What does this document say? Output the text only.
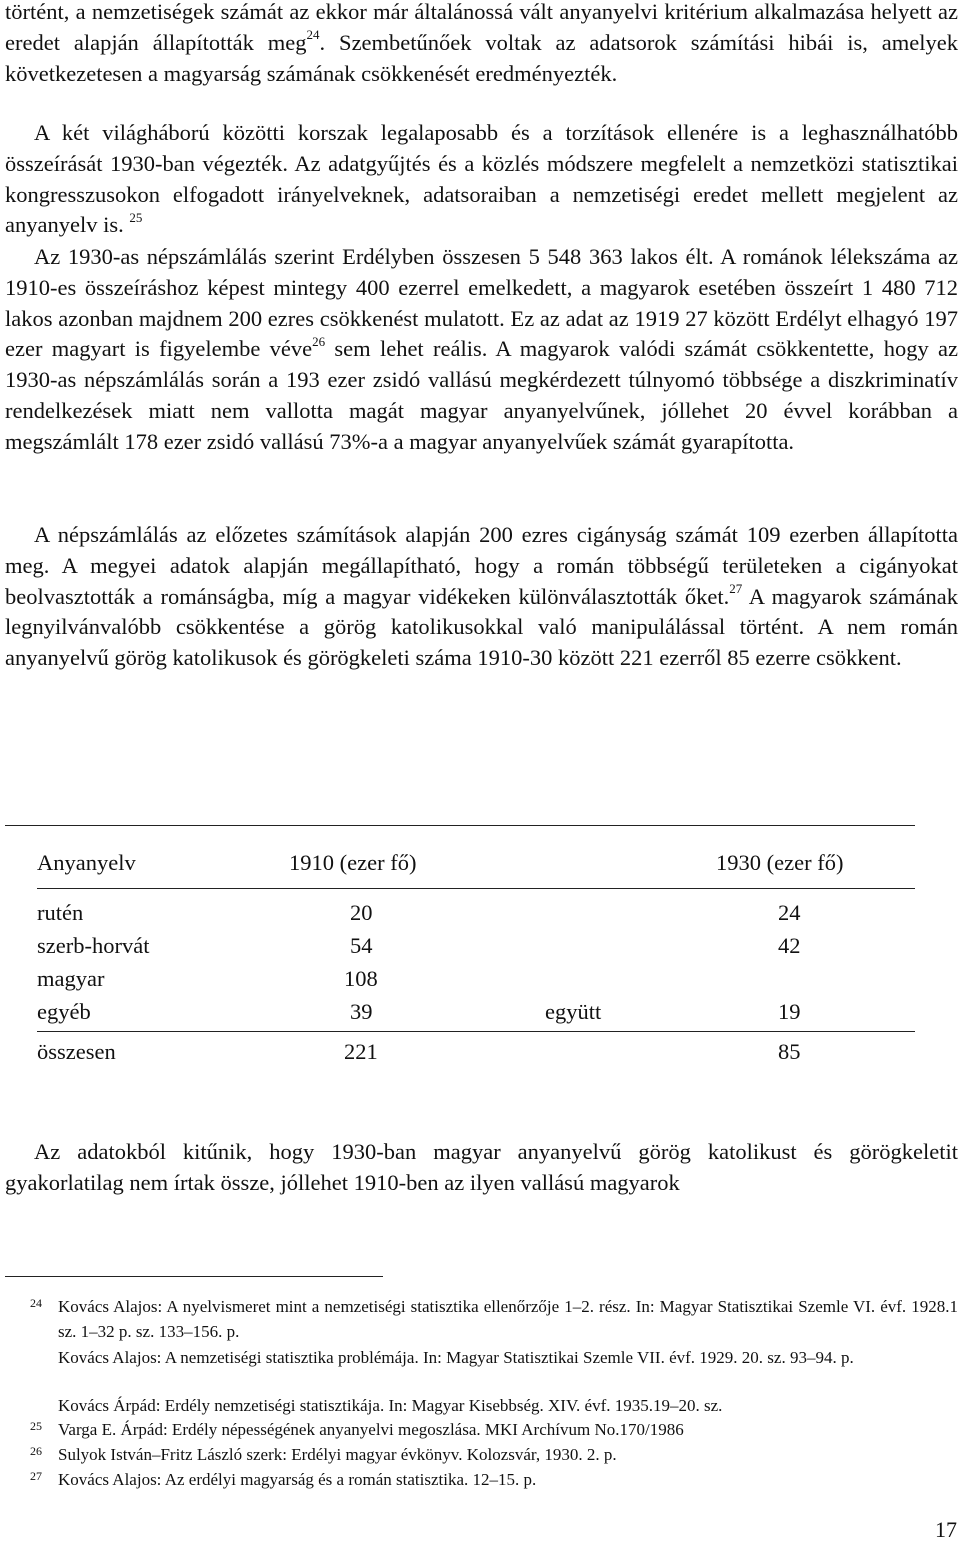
történt, a nemzetiségek számát az ekkor már általánossá vált anyanyelvi kritérium alkalmazása helyett az eredet alapján állapították meg$^{24}$. Szembetűnőek voltak az adatsorok számítási hibái is, amelyek következetesen a magyarság számának csökkenését eredményezték.

A két világháború közötti korszak legalaposabb és a torzítások ellenére is a leghasználhatóbb összeírását 1930-ban végezték. Az adatgyűjtés és a közlés módszere megfelelt a nemzetközi statisztikai kongresszusokon elfogadott irányelveknek, adatsoraiban a nemzetiségi eredet mellett megjelent az anyanyelv is. $^{25}$

Az 1930-as népszámlálás szerint Erdélyben összesen 5 548 363 lakos élt. A románok lélekszáma az 1910-es összeíráshoz képest mintegy 400 ezerrel emelkedett, a magyarok esetében összeírt 1 480 712 lakos azonban majdnem 200 ezres csökkenést mulatott. Ez az adat az 1919 27 között Erdélyt elhagyó 197 ezer magyart is figyelembe véve$^{26}$ sem lehet reális. A magyarok valódi számát csökkentette, hogy az 1930-as népszámlálás során a 193 ezer zsidó vallású megkérdezett túlnyomó többsége a diszkriminatív rendelkezések miatt nem vallotta magát magyar anyanyelvűnek, jóllehet 20 évvel korábban a megszámlált 178 ezer zsidó vallású 73%-a a magyar anyanyelvűek számát gyarapította.

A népszámlálás az előzetes számítások alapján 200 ezres cigányság számát 109 ezerben állapította meg. A megyei adatok alapján megállapítható, hogy a román többségű területeken a cigányokat beolvasztották a románságba, míg a magyar vidékeken különválasztották őket.$^{27}$ A magyarok számának legnyilvánvalóbb csökkentése a görög katolikusokkal való manipulálással történt. A nem román anyanyelvű görög katolikusok és görögkeleti száma 1910-30 között 221 ezerről 85 ezerre csökkent.

Anyanyelv	1910 (ezer fő)	1930 (ezer fő)
rutén	20	24
szerb-horvát	54	42
magyar	108
egyéb	39	együtt	19
összesen	221	85

Az adatokból kitűnik, hogy 1930-ban magyar anyanyelvű görög katolikust és görögkeletit gyakorlatilag nem írtak össze, jóllehet 1910-ben az ilyen vallású magyarok

24 Kovács Alajos: A nyelvismeret mint a nemzetiségi statisztika ellenőrzője 1–2. rész. In: Magyar Statisztikai Szemle VI. évf. 1928.1 sz. 1–32 p. sz. 133–156. p.
Kovács Alajos: A nemzetiségi statisztika problémája. In: Magyar Statisztikai Szemle VII. évf. 1929. 20. sz. 93–94. p.
Kovács Árpád: Erdély nemzetiségi statisztikája. In: Magyar Kisebbség. XIV. évf. 1935.19–20. sz.
25 Varga E. Árpád: Erdély népességének anyanyelvi megoszlása. MKI Archívum No.170/1986
26 Sulyok István–Fritz László szerk: Erdélyi magyar évkönyv. Kolozsvár, 1930. 2. p.
27 Kovács Alajos: Az erdélyi magyarság és a román statisztika. 12–15. p.
17
